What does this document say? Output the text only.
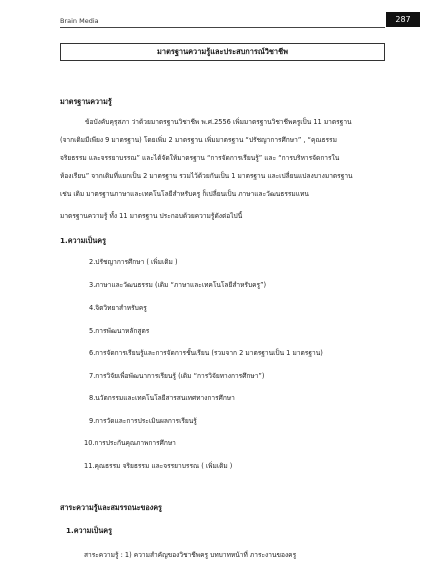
Brain Media	287
มาตรฐานความรู้และประสบการณ์วิชาชีพ
มาตรฐานความรู้
ข้อบังคับคุรุสภา ว่าด้วยมาตรฐานวิชาชีพ พ.ศ.2556 เพิ่มมาตรฐานวิชาชีพครูเป็น 11 มาตรฐาน
(จากเดิมมีเพียง 9 มาตรฐาน) โดยเพิ่ม 2 มาตรฐาน เพิ่มมาตรฐาน “ปรัชญาการศึกษา” , “คุณธรรม
จริยธรรม และจรรยาบรรณ” และได้จัดให้มาตรฐาน “การจัดการเรียนรู้” และ “การบริหารจัดการใน
ห้องเรียน” จากเดิมที่แยกเป็น 2 มาตรฐาน รวมไว้ด้วยกันเป็น 1 มาตรฐาน และเปลี่ยนแปลงบางมาตรฐาน
เช่น เดิม มาตรฐานภาษาและเทคโนโลยีสำหรับครู ก็เปลี่ยนเป็น ภาษาและวัฒนธรรมแทน
มาตรฐานความรู้ ทั้ง 11 มาตรฐาน ประกอบด้วยความรู้ดังต่อไปนี้
1.ความเป็นครู
2.ปรัชญาการศึกษา ( เพิ่มเติม )
3.ภาษาและวัฒนธรรม (เดิม “ภาษาและเทคโนโลยีสำหรับครู”)
4.จิตวิทยาสำหรับครู
5.การพัฒนาหลักสูตร
6.การจัดการเรียนรู้และการจัดการชั้นเรียน (รวมจาก 2 มาตรฐานเป็น 1 มาตรฐาน)
7.การวิจัยเพื่อพัฒนาการเรียนรู้ (เดิม “การวิจัยทางการศึกษา”)
8.นวัตกรรมและเทคโนโลยีสารสนเทศทางการศึกษา
9.การวัดและการประเมินผลการเรียนรู้
10.การประกันคุณภาพการศึกษา
11.คุณธรรม จริยธรรม และจรรยาบรรณ ( เพิ่มเติม )
สาระความรู้และสมรรถนะของครู
1.ความเป็นครู
สาระความรู้ : 1) ความสำคัญของวิชาชีพครู บทบาทหน้าที่ ภาระงานของครู
